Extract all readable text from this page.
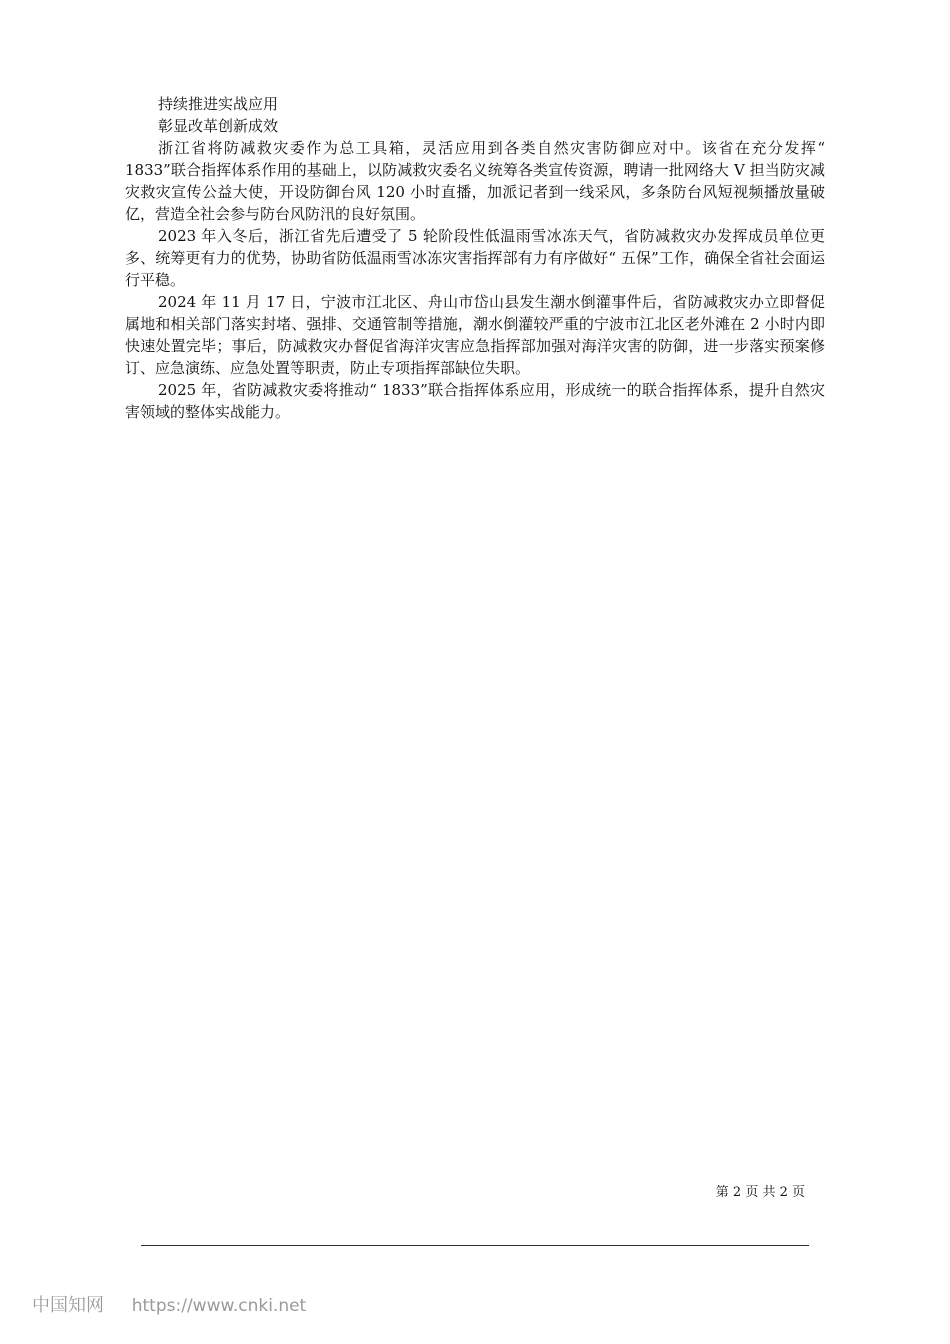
持续推进实战应用

彰显改革创新成效

浙江省将防减救灾委作为总工具箱，灵活应用到各类自然灾害防御应对中。该省在充分发挥“ 1833”联合指挥体系作用的基础上，以防减救灾委名义统筹各类宣传资源，聘请一批网络大 V 担当防灾减灾救灾宣传公益大使，开设防御台风 120 小时直播，加派记者到一线采风，多条防台风短视频播放量破亿，营造全社会参与防台风防汛的良好氛围。

2023 年入冬后，浙江省先后遭受了 5 轮阶段性低温雨雪冰冻天气，省防减救灾办发挥成员单位更多、统筹更有力的优势，协助省防低温雨雪冰冻灾害指挥部有力有序做好“ 五保”工作，确保全省社会面运行平稳。

2024 年 11 月 17 日，宁波市江北区、舟山市岱山县发生潮水倒灌事件后，省防减救灾办立即督促属地和相关部门落实封堵、强排、交通管制等措施，潮水倒灌较严重的宁波市江北区老外滩在 2 小时内即快速处置完毕；事后，防减救灾办督促省海洋灾害应急指挥部加强对海洋灾害的防御，进一步落实预案修订、应急演练、应急处置等职责，防止专项指挥部缺位失职。

2025 年，省防减救灾委将推动“ 1833”联合指挥体系应用，形成统一的联合指挥体系，提升自然灾害领域的整体实战能力。

第 2 页 共 2 页
中国知网 https://www.cnki.net
